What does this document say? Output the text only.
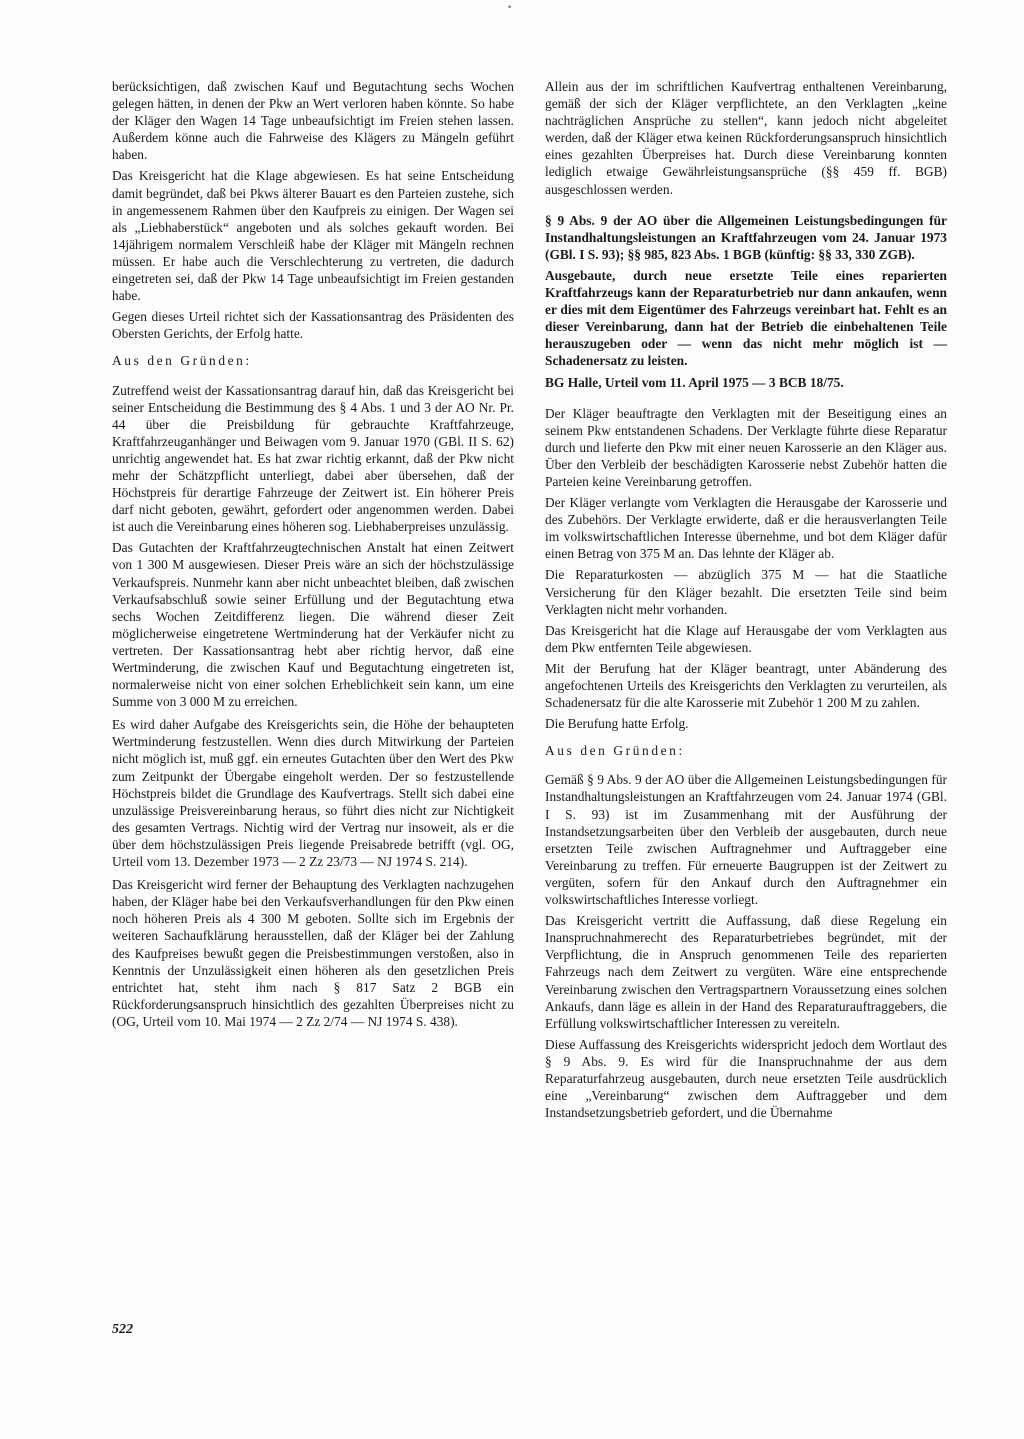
•

berücksichtigen, daß zwischen Kauf und Begutachtung sechs Wochen gelegen hätten, in denen der Pkw an Wert verloren haben könnte. So habe der Kläger den Wagen 14 Tage unbeaufsichtigt im Freien stehen lassen. Außerdem könne auch die Fahrweise des Klägers zu Mängeln geführt haben.

Das Kreisgericht hat die Klage abgewiesen. Es hat seine Entscheidung damit begründet, daß bei Pkws älterer Bauart es den Parteien zustehe, sich in angemessenem Rahmen über den Kaufpreis zu einigen. Der Wagen sei als „Liebhaberstück“ angeboten und als solches gekauft worden. Bei 14jährigem normalem Verschleiß habe der Kläger mit Mängeln rechnen müssen. Er habe auch die Verschlechterung zu vertreten, die dadurch eingetreten sei, daß der Pkw 14 Tage unbeaufsichtigt im Freien gestanden habe.

Gegen dieses Urteil richtet sich der Kassationsantrag des Präsidenten des Obersten Gerichts, der Erfolg hatte.

Aus den Gründen:

Zutreffend weist der Kassationsantrag darauf hin, daß das Kreisgericht bei seiner Entscheidung die Bestimmung des § 4 Abs. 1 und 3 der AO Nr. Pr. 44 über die Preisbildung für gebrauchte Kraftfahrzeuge, Kraftfahrzeuganhänger und Beiwagen vom 9. Januar 1970 (GBl. II S. 62) unrichtig angewendet hat. Es hat zwar richtig erkannt, daß der Pkw nicht mehr der Schätzpflicht unterliegt, dabei aber übersehen, daß der Höchstpreis für derartige Fahrzeuge der Zeitwert ist. Ein höherer Preis darf nicht geboten, gewährt, gefordert oder angenommen werden. Dabei ist auch die Vereinbarung eines höheren sog. Liebhaberpreises unzulässig.

Das Gutachten der Kraftfahrzeugtechnischen Anstalt hat einen Zeitwert von 1 300 M ausgewiesen. Dieser Preis wäre an sich der höchstzulässige Verkaufspreis. Nunmehr kann aber nicht unbeachtet bleiben, daß zwischen Verkaufsabschluß sowie seiner Erfüllung und der Begutachtung etwa sechs Wochen Zeitdifferenz liegen. Die während dieser Zeit möglicherweise eingetretene Wertminderung hat der Verkäufer nicht zu vertreten. Der Kassationsantrag hebt aber richtig hervor, daß eine Wertminderung, die zwischen Kauf und Begutachtung eingetreten ist, normalerweise nicht von einer solchen Erheblichkeit sein kann, um eine Summe von 3 000 M zu erreichen.

Es wird daher Aufgabe des Kreisgerichts sein, die Höhe der behaupteten Wertminderung festzustellen. Wenn dies durch Mitwirkung der Parteien nicht möglich ist, muß ggf. ein erneutes Gutachten über den Wert des Pkw zum Zeitpunkt der Übergabe eingeholt werden. Der so festzustellende Höchstpreis bildet die Grundlage des Kaufvertrags. Stellt sich dabei eine unzulässige Preisvereinbarung heraus, so führt dies nicht zur Nichtigkeit des gesamten Vertrags. Nichtig wird der Vertrag nur insoweit, als er die über dem höchstzulässigen Preis liegende Preisabrede betrifft (vgl. OG, Urteil vom 13. Dezember 1973 — 2 Zz 23/73 — NJ 1974 S. 214).

Das Kreisgericht wird ferner der Behauptung des Verklagten nachzugehen haben, der Kläger habe bei den Verkaufsverhandlungen für den Pkw einen noch höheren Preis als 4 300 M geboten. Sollte sich im Ergebnis der weiteren Sachaufklärung herausstellen, daß der Kläger bei der Zahlung des Kaufpreises bewußt gegen die Preisbestimmungen verstoßen, also in Kenntnis der Unzulässigkeit einen höheren als den gesetzlichen Preis entrichtet hat, steht ihm nach § 817 Satz 2 BGB ein Rückforderungsanspruch hinsichtlich des gezahlten Überpreises nicht zu (OG, Urteil vom 10. Mai 1974 — 2 Zz 2/74 — NJ 1974 S. 438).

Allein aus der im schriftlichen Kaufvertrag enthaltenen Vereinbarung, gemäß der sich der Kläger verpflichtete, an den Verklagten „keine nachträglichen Ansprüche zu stellen“, kann jedoch nicht abgeleitet werden, daß der Kläger etwa keinen Rückforderungsanspruch hinsichtlich eines gezahlten Überpreises hat. Durch diese Vereinbarung konnten lediglich etwaige Gewährleistungsansprüche (§§ 459 ff. BGB) ausgeschlossen werden.

§ 9 Abs. 9 der AO über die Allgemeinen Leistungsbedingungen für Instandhaltungsleistungen an Kraftfahrzeugen vom 24. Januar 1973 (GBl. I S. 93); §§ 985, 823 Abs. 1 BGB (künftig: §§ 33, 330 ZGB).

Ausgebaute, durch neue ersetzte Teile eines reparierten Kraftfahrzeugs kann der Reparaturbetrieb nur dann ankaufen, wenn er dies mit dem Eigentümer des Fahrzeugs vereinbart hat. Fehlt es an dieser Vereinbarung, dann hat der Betrieb die einbehaltenen Teile herauszugeben oder — wenn das nicht mehr möglich ist — Schadenersatz zu leisten.

BG Halle, Urteil vom 11. April 1975 — 3 BCB 18/75.

Der Kläger beauftragte den Verklagten mit der Beseitigung eines an seinem Pkw entstandenen Schadens. Der Verklagte führte diese Reparatur durch und lieferte den Pkw mit einer neuen Karosserie an den Kläger aus. Über den Verbleib der beschädigten Karosserie nebst Zubehör hatten die Parteien keine Vereinbarung getroffen.

Der Kläger verlangte vom Verklagten die Herausgabe der Karosserie und des Zubehörs. Der Verklagte erwiderte, daß er die herausverlangten Teile im volkswirtschaftlichen Interesse übernehme, und bot dem Kläger dafür einen Betrag von 375 M an. Das lehnte der Kläger ab.

Die Reparaturkosten — abzüglich 375 M — hat die Staatliche Versicherung für den Kläger bezahlt. Die ersetzten Teile sind beim Verklagten nicht mehr vorhanden.

Das Kreisgericht hat die Klage auf Herausgabe der vom Verklagten aus dem Pkw entfernten Teile abgewiesen.

Mit der Berufung hat der Kläger beantragt, unter Abänderung des angefochtenen Urteils des Kreisgerichts den Verklagten zu verurteilen, als Schadenersatz für die alte Karosserie mit Zubehör 1 200 M zu zahlen.

Die Berufung hatte Erfolg.

Aus den Gründen:

Gemäß § 9 Abs. 9 der AO über die Allgemeinen Leistungsbedingungen für Instandhaltungsleistungen an Kraftfahrzeugen vom 24. Januar 1974 (GBl. I S. 93) ist im Zusammenhang mit der Ausführung der Instandsetzungsarbeiten über den Verbleib der ausgebauten, durch neue ersetzten Teile zwischen Auftragnehmer und Auftraggeber eine Vereinbarung zu treffen. Für erneuerte Baugruppen ist der Zeitwert zu vergüten, sofern für den Ankauf durch den Auftragnehmer ein volkswirtschaftliches Interesse vorliegt.

Das Kreisgericht vertritt die Auffassung, daß diese Regelung ein Inanspruchnahmerecht des Reparaturbetriebes begründet, mit der Verpflichtung, die in Anspruch genommenen Teile des reparierten Fahrzeugs nach dem Zeitwert zu vergüten. Wäre eine entsprechende Vereinbarung zwischen den Vertragspartnern Voraussetzung eines solchen Ankaufs, dann läge es allein in der Hand des Reparaturauftraggebers, die Erfüllung volkswirtschaftlicher Interessen zu vereiteln.

Diese Auffassung des Kreisgerichts widerspricht jedoch dem Wortlaut des § 9 Abs. 9. Es wird für die Inanspruchnahme der aus dem Reparaturfahrzeug ausgebauten, durch neue ersetzten Teile ausdrücklich eine „Vereinbarung“ zwischen dem Auftraggeber und dem Instandsetzungsbetrieb gefordert, und die Übernahme

522
